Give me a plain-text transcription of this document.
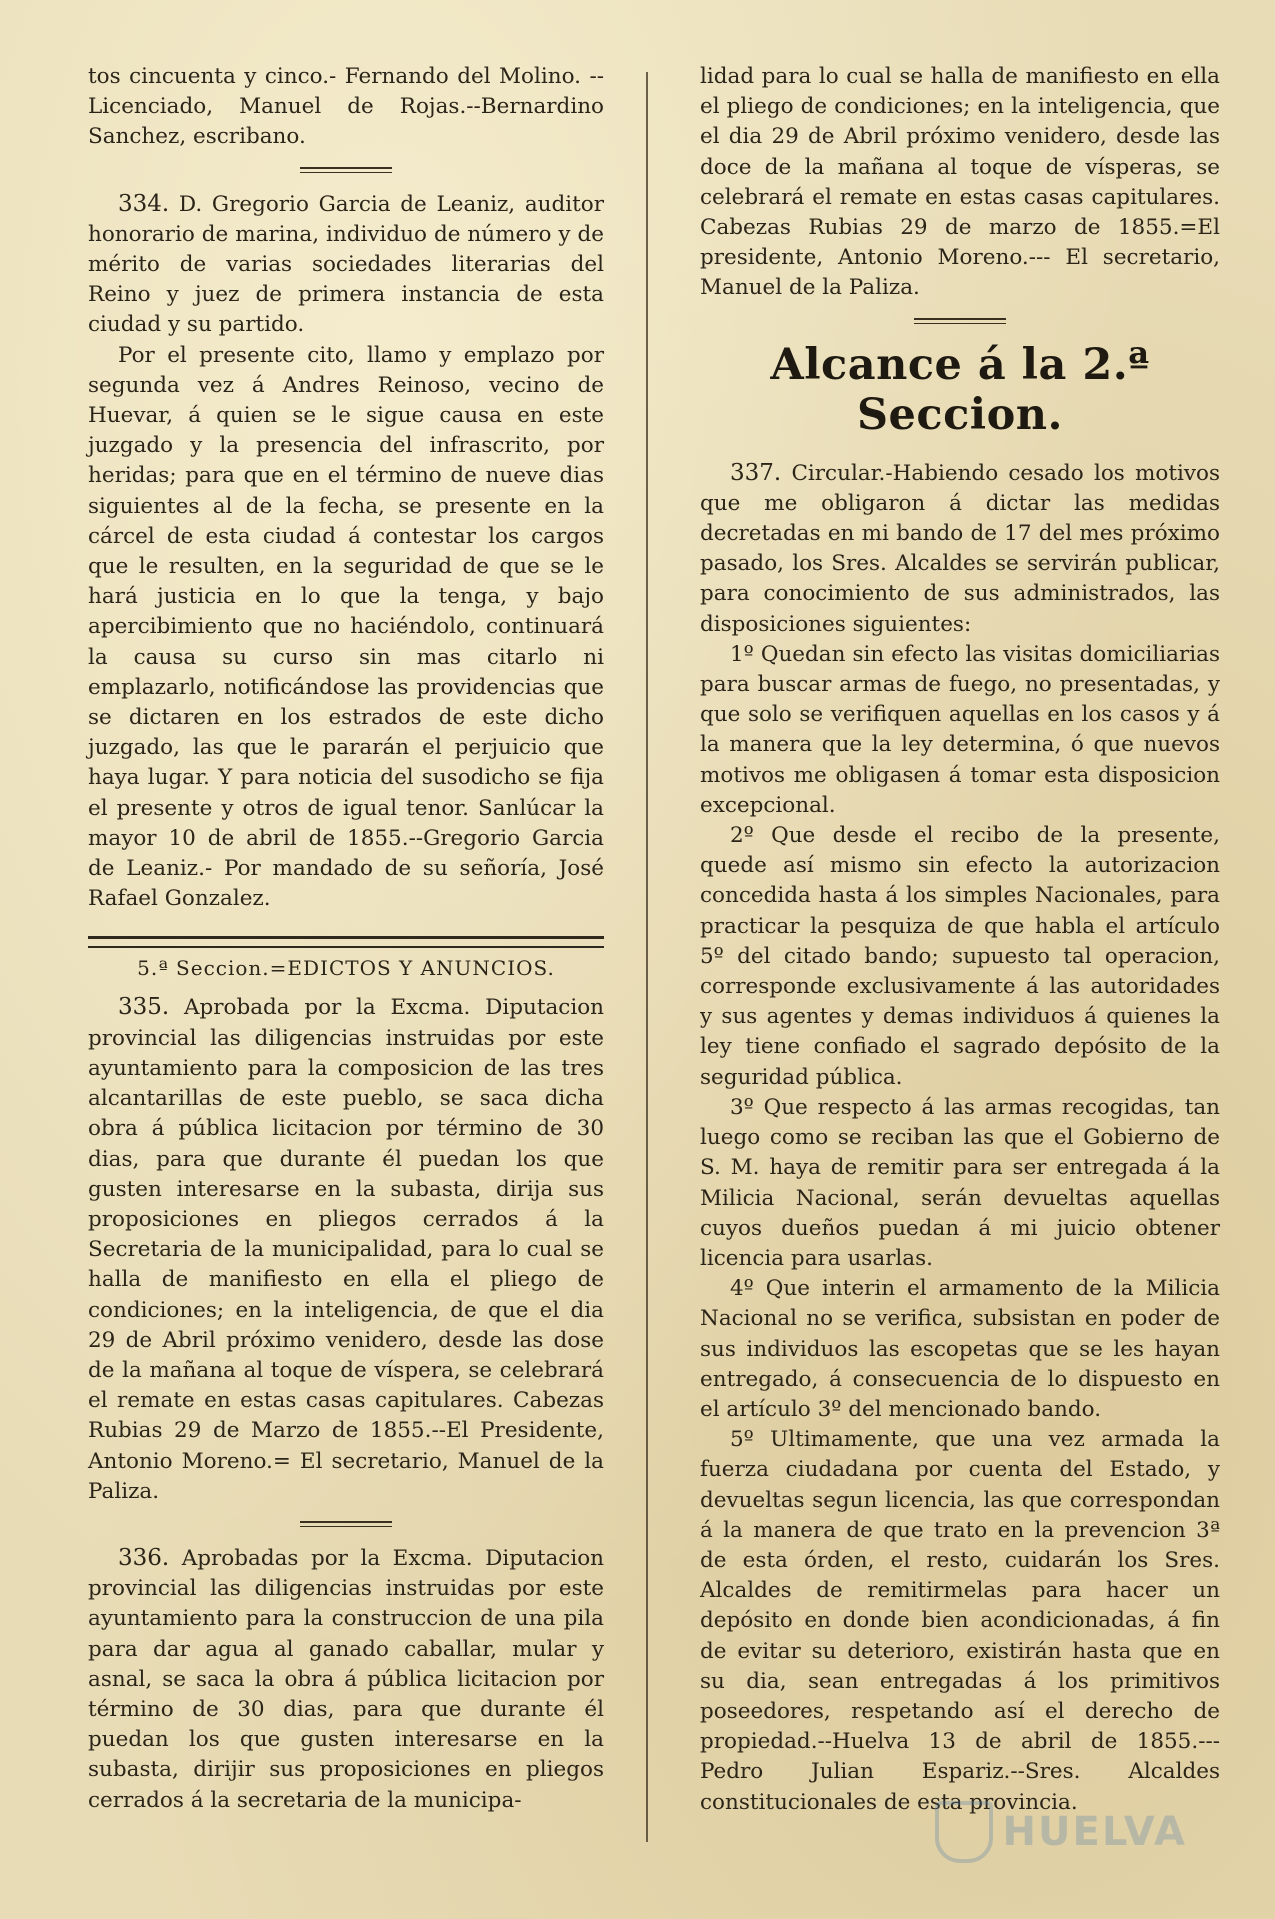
tos cincuenta y cinco.- Fernando del Molino. --Licenciado, Manuel de Rojas.--Bernardino Sanchez, escribano.

334. D. Gregorio Garcia de Leaniz, auditor honorario de marina, individuo de número y de mérito de varias sociedades literarias del Reino y juez de primera instancia de esta ciudad y su partido.

Por el presente cito, llamo y emplazo por segunda vez á Andres Reinoso, vecino de Huevar, á quien se le sigue causa en este juzgado y la presencia del infrascrito, por heridas; para que en el término de nueve dias siguientes al de la fecha, se presente en la cárcel de esta ciudad á contestar los cargos que le resulten, en la seguridad de que se le hará justicia en lo que la tenga, y bajo apercibimiento que no haciéndolo, continuará la causa su curso sin mas citarlo ni emplazarlo, notificándose las providencias que se dictaren en los estrados de este dicho juzgado, las que le pararán el perjuicio que haya lugar. Y para noticia del susodicho se fija el presente y otros de igual tenor. Sanlúcar la mayor 10 de abril de 1855.--Gregorio Garcia de Leaniz.- Por mandado de su señoría, José Rafael Gonzalez.

5.ª Seccion.=EDICTOS Y ANUNCIOS.

335. Aprobada por la Excma. Diputacion provincial las diligencias instruidas por este ayuntamiento para la composicion de las tres alcantarillas de este pueblo, se saca dicha obra á pública licitacion por término de 30 dias, para que durante él puedan los que gusten interesarse en la subasta, dirija sus proposiciones en pliegos cerrados á la Secretaria de la municipalidad, para lo cual se halla de manifiesto en ella el pliego de condiciones; en la inteligencia, de que el dia 29 de Abril próximo venidero, desde las dose de la mañana al toque de víspera, se celebrará el remate en estas casas capitulares. Cabezas Rubias 29 de Marzo de 1855.--El Presidente, Antonio Moreno.= El secretario, Manuel de la Paliza.

336. Aprobadas por la Excma. Diputacion provincial las diligencias instruidas por este ayuntamiento para la construccion de una pila para dar agua al ganado caballar, mular y asnal, se saca la obra á pública licitacion por término de 30 dias, para que durante él puedan los que gusten interesarse en la subasta, dirijir sus proposiciones en pliegos cerrados á la secretaria de la municipa-

lidad para lo cual se halla de manifiesto en ella el pliego de condiciones; en la inteligencia, que el dia 29 de Abril próximo venidero, desde las doce de la mañana al toque de vísperas, se celebrará el remate en estas casas capitulares. Cabezas Rubias 29 de marzo de 1855.=El presidente, Antonio Moreno.--- El secretario, Manuel de la Paliza.

Alcance á la 2.ª Seccion.

337. Circular.-Habiendo cesado los motivos que me obligaron á dictar las medidas decretadas en mi bando de 17 del mes próximo pasado, los Sres. Alcaldes se servirán publicar, para conocimiento de sus administrados, las disposiciones siguientes:

1º Quedan sin efecto las visitas domiciliarias para buscar armas de fuego, no presentadas, y que solo se verifiquen aquellas en los casos y á la manera que la ley determina, ó que nuevos motivos me obligasen á tomar esta disposicion excepcional.

2º Que desde el recibo de la presente, quede así mismo sin efecto la autorizacion concedida hasta á los simples Nacionales, para practicar la pesquiza de que habla el artículo 5º del citado bando; supuesto tal operacion, corresponde exclusivamente á las autoridades y sus agentes y demas individuos á quienes la ley tiene confiado el sagrado depósito de la seguridad pública.

3º Que respecto á las armas recogidas, tan luego como se reciban las que el Gobierno de S. M. haya de remitir para ser entregada á la Milicia Nacional, serán devueltas aquellas cuyos dueños puedan á mi juicio obtener licencia para usarlas.

4º Que interin el armamento de la Milicia Nacional no se verifica, subsistan en poder de sus individuos las escopetas que se les hayan entregado, á consecuencia de lo dispuesto en el artículo 3º del mencionado bando.

5º Ultimamente, que una vez armada la fuerza ciudadana por cuenta del Estado, y devueltas segun licencia, las que correspondan á la manera de que trato en la prevencion 3ª de esta órden, el resto, cuidarán los Sres. Alcaldes de remitirmelas para hacer un depósito en donde bien acondicionadas, á fin de evitar su deterioro, existirán hasta que en su dia, sean entregadas á los primitivos poseedores, respetando así el derecho de propiedad.--Huelva 13 de abril de 1855.--- Pedro Julian Espariz.--Sres. Alcaldes constitucionales de esta provincia.

HUELVA
